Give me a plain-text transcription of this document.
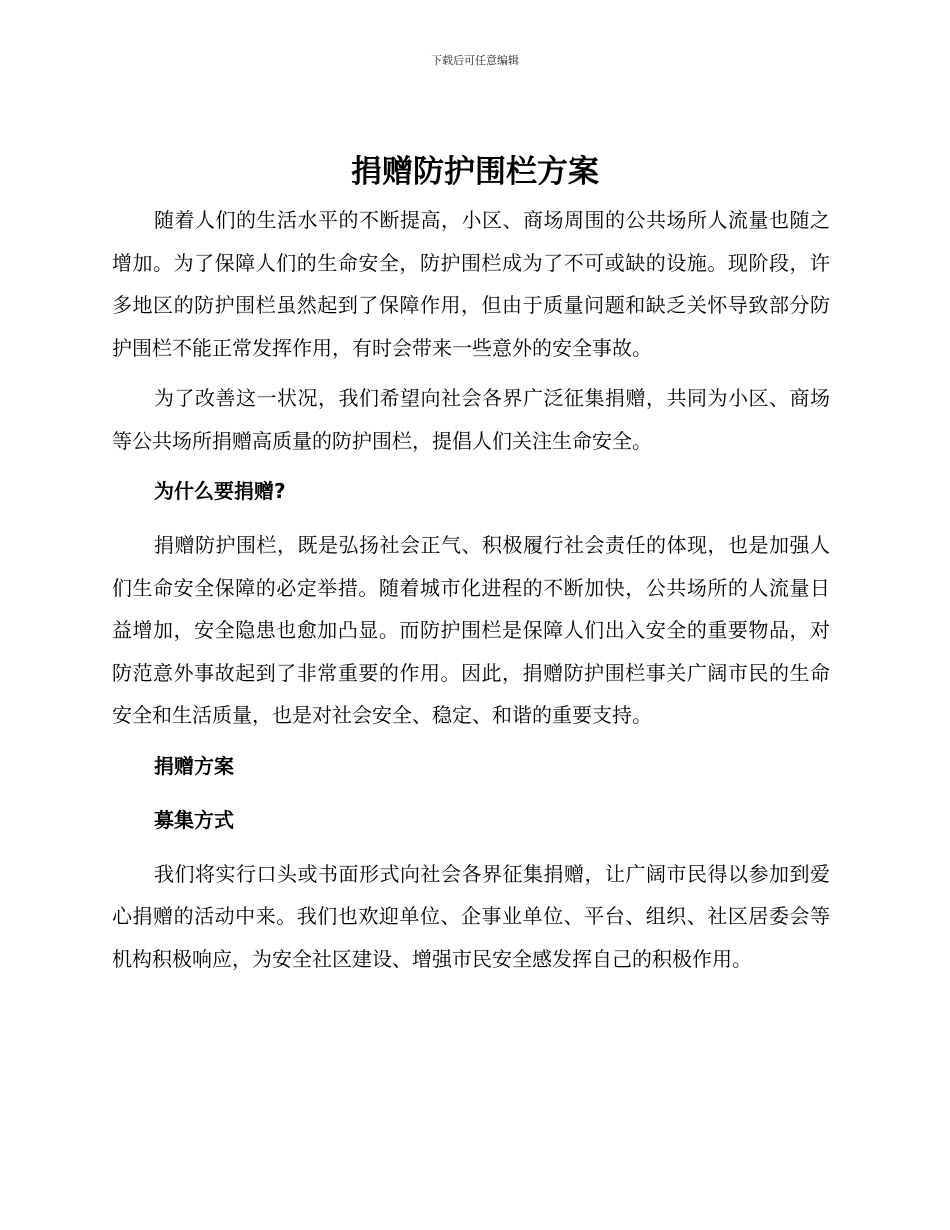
下载后可任意编辑
捐赠防护围栏方案

随着人们的生活水平的不断提高，小区、商场周围的公共场所人流量也随之增加。为了保障人们的生命安全，防护围栏成为了不可或缺的设施。现阶段，许多地区的防护围栏虽然起到了保障作用，但由于质量问题和缺乏关怀导致部分防护围栏不能正常发挥作用，有时会带来一些意外的安全事故。

为了改善这一状况，我们希望向社会各界广泛征集捐赠，共同为小区、商场等公共场所捐赠高质量的防护围栏，提倡人们关注生命安全。

为什么要捐赠?

捐赠防护围栏，既是弘扬社会正气、积极履行社会责任的体现，也是加强人们生命安全保障的必定举措。随着城市化进程的不断加快，公共场所的人流量日益增加，安全隐患也愈加凸显。而防护围栏是保障人们出入安全的重要物品，对防范意外事故起到了非常重要的作用。因此，捐赠防护围栏事关广阔市民的生命安全和生活质量，也是对社会安全、稳定、和谐的重要支持。

捐赠方案
募集方式

我们将实行口头或书面形式向社会各界征集捐赠，让广阔市民得以参加到爱心捐赠的活动中来。我们也欢迎单位、企事业单位、平台、组织、社区居委会等机构积极响应，为安全社区建设、增强市民安全感发挥自己的积极作用。
